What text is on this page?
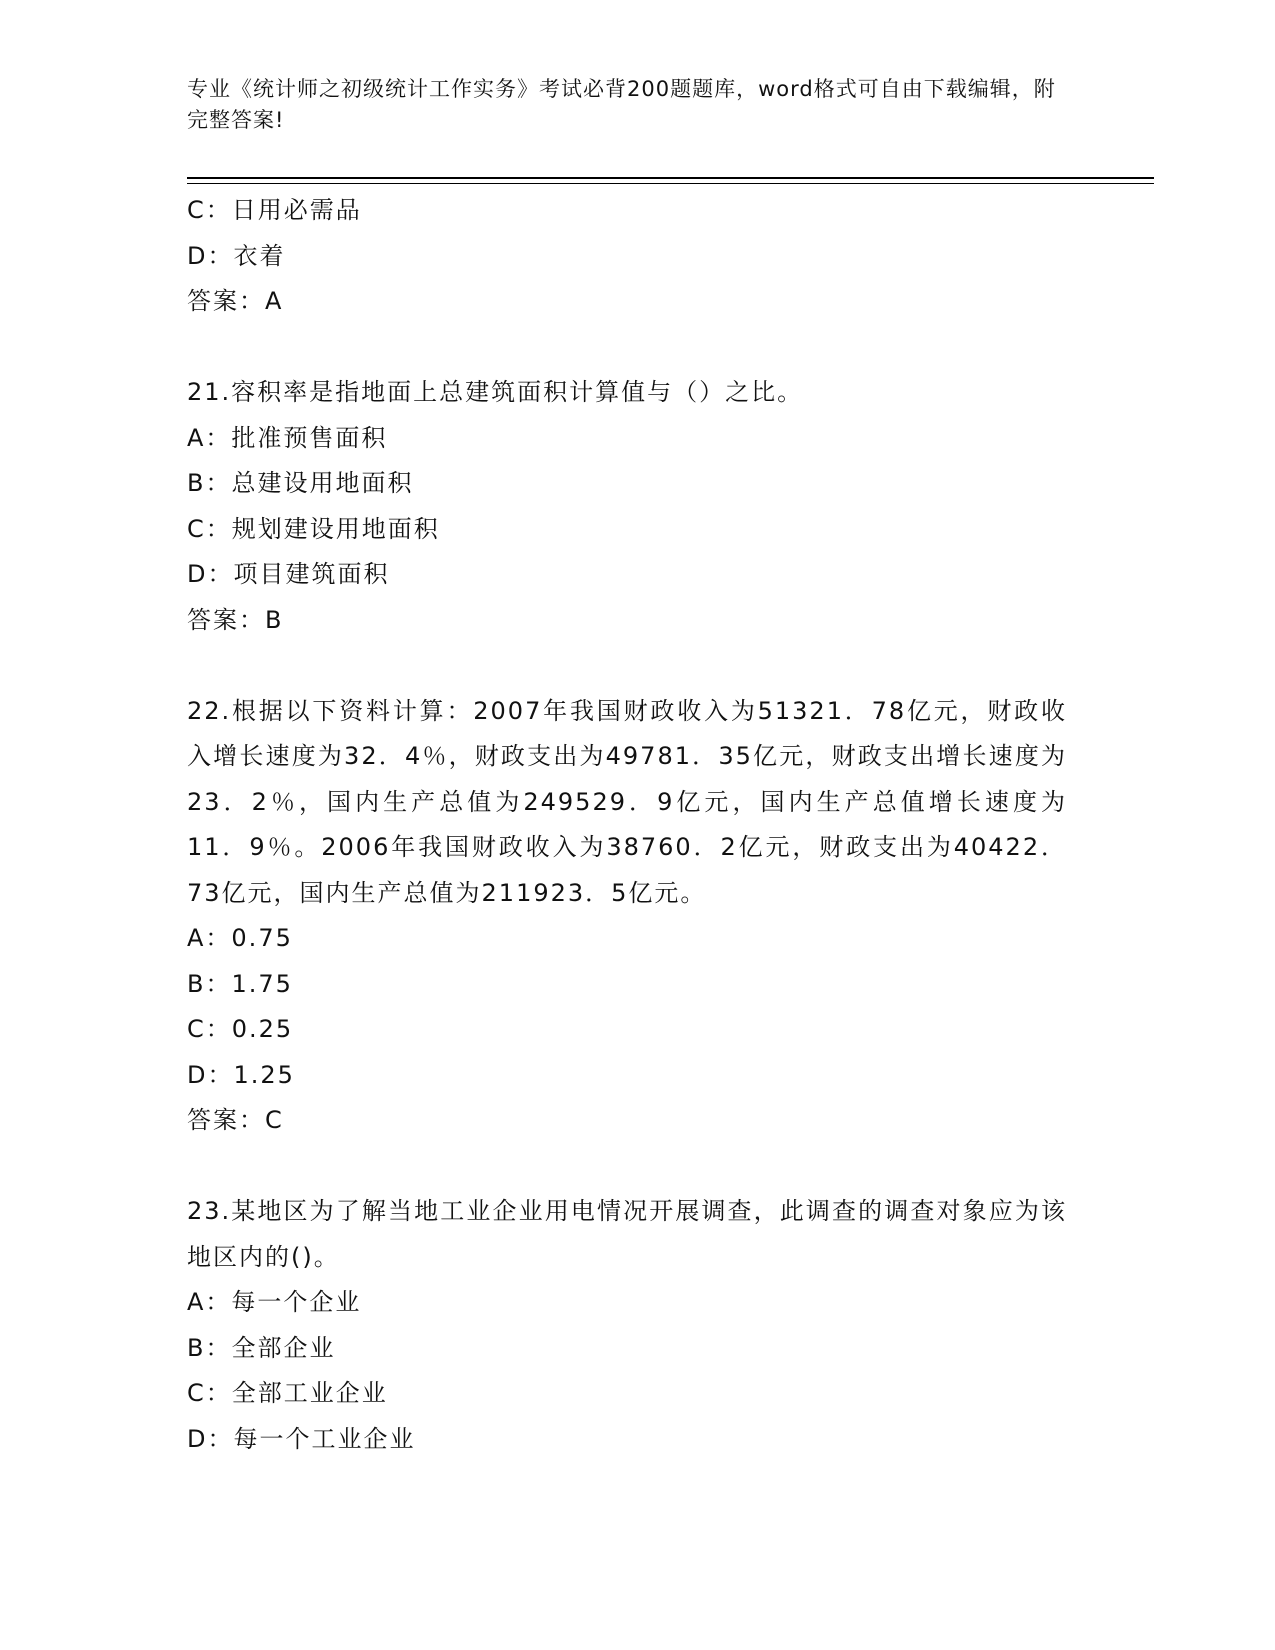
专业《统计师之初级统计工作实务》考试必背200题题库，word格式可自由下载编辑，附完整答案!
C：日用必需品
D：衣着
答案：A
21.容积率是指地面上总建筑面积计算值与（）之比。
A：批准预售面积
B：总建设用地面积
C：规划建设用地面积
D：项目建筑面积
答案：B
22.根据以下资料计算：2007年我国财政收入为51321．78亿元，财政收入增长速度为32．4％，财政支出为49781．35亿元，财政支出增长速度为23．2％，国内生产总值为249529．9亿元，国内生产总值增长速度为11．9％。2006年我国财政收入为38760．2亿元，财政支出为40422．73亿元，国内生产总值为211923．5亿元。
A：0.75
B：1.75
C：0.25
D：1.25
答案：C
23.某地区为了解当地工业企业用电情况开展调查，此调查的调查对象应为该地区内的()。
A：每一个企业
B：全部企业
C：全部工业企业
D：每一个工业企业
